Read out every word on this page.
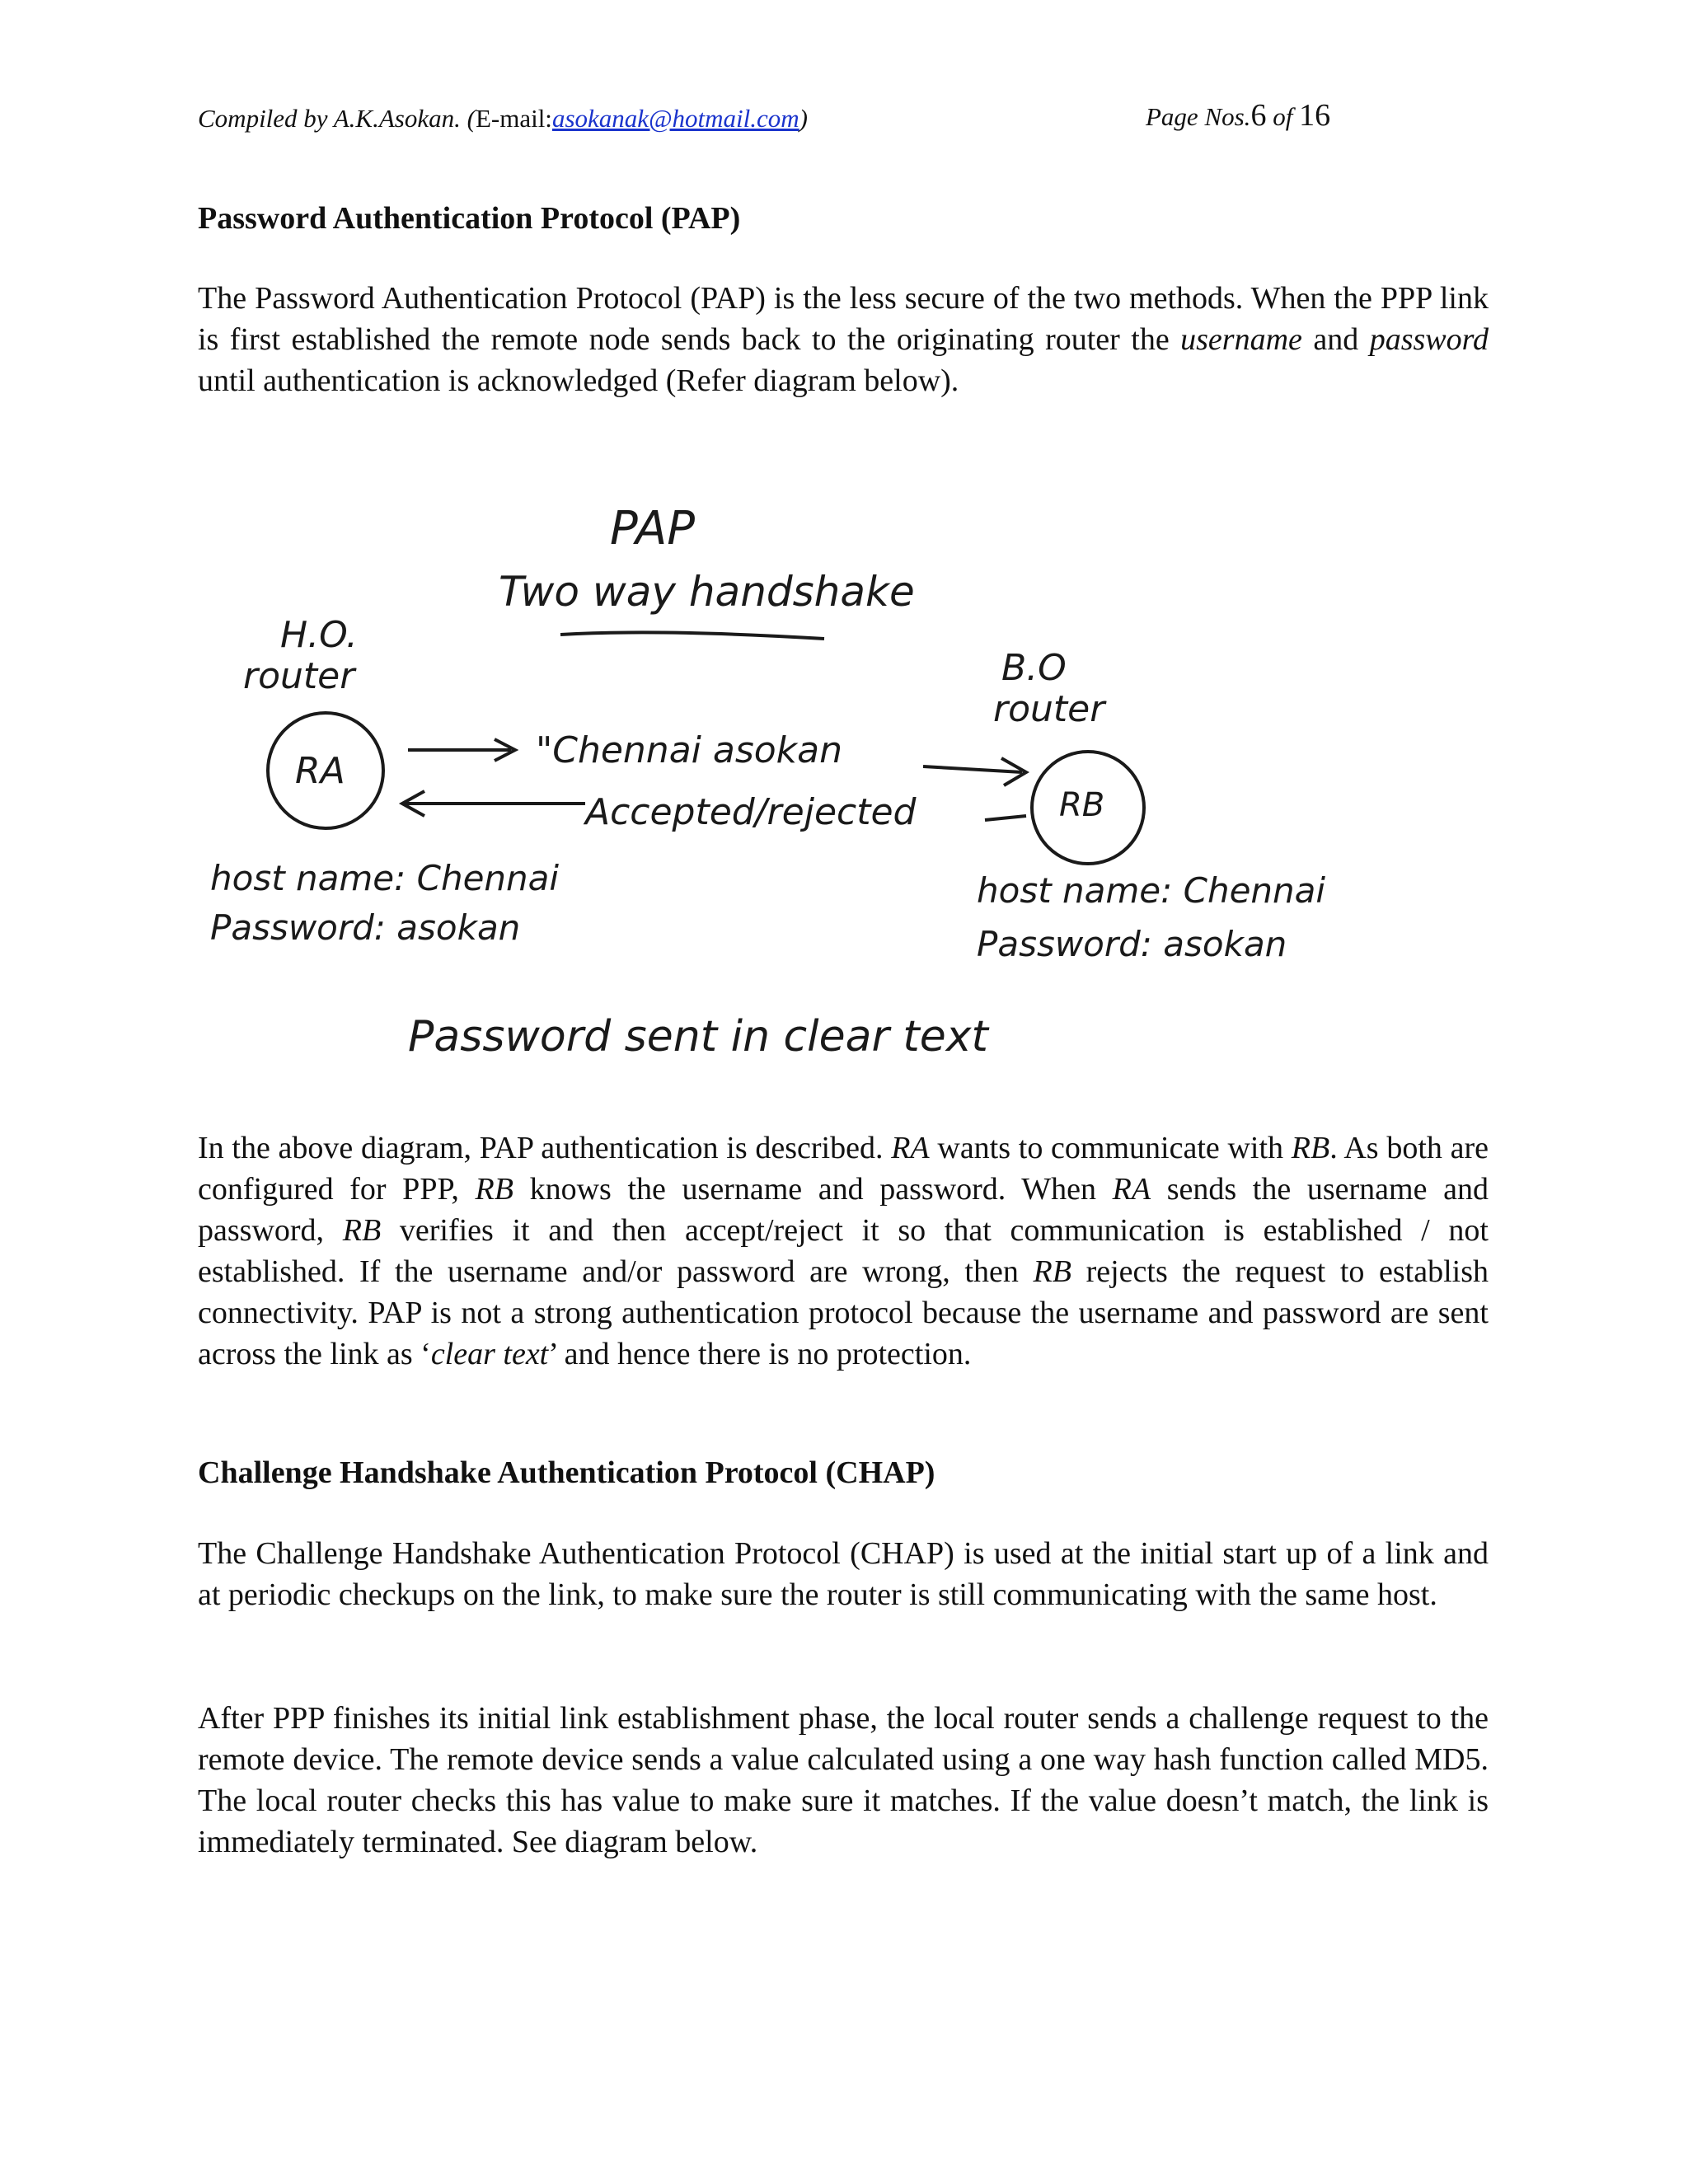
Compiled by A.K.Asokan. (E-mail:asokanak@hotmail.com)	Page Nos.6 of 16
Password Authentication Protocol (PAP)

The Password Authentication Protocol (PAP) is the less secure of the two methods. When the PPP link is first established the remote node sends back to the originating router the username and password until authentication is acknowledged (Refer diagram below).

PAP
Two way handshake
H.O.
router	B.O
router
RA
RB
"Chennai asokan
Accepted/rejected
host name: Chennai
Password: asokan
host name: Chennai
Password: asokan
Password sent in clear text

In the above diagram, PAP authentication is described. RA wants to communicate with RB. As both are configured for PPP, RB knows the username and password. When RA sends the username and password, RB verifies it and then accept/reject it so that communication is established / not established. If the username and/or password are wrong, then RB rejects the request to establish connectivity. PAP is not a strong authentication protocol because the username and password are sent across the link as ‘clear text’ and hence there is no protection.

Challenge Handshake Authentication Protocol (CHAP)

The Challenge Handshake Authentication Protocol (CHAP) is used at the initial start up of a link and at periodic checkups on the link, to make sure the router is still communicating with the same host.

After PPP finishes its initial link establishment phase, the local router sends a challenge request to the remote device. The remote device sends a value calculated using a one way hash function called MD5. The local router checks this has value to make sure it matches. If the value doesn’t match, the link is immediately terminated. See diagram below.
